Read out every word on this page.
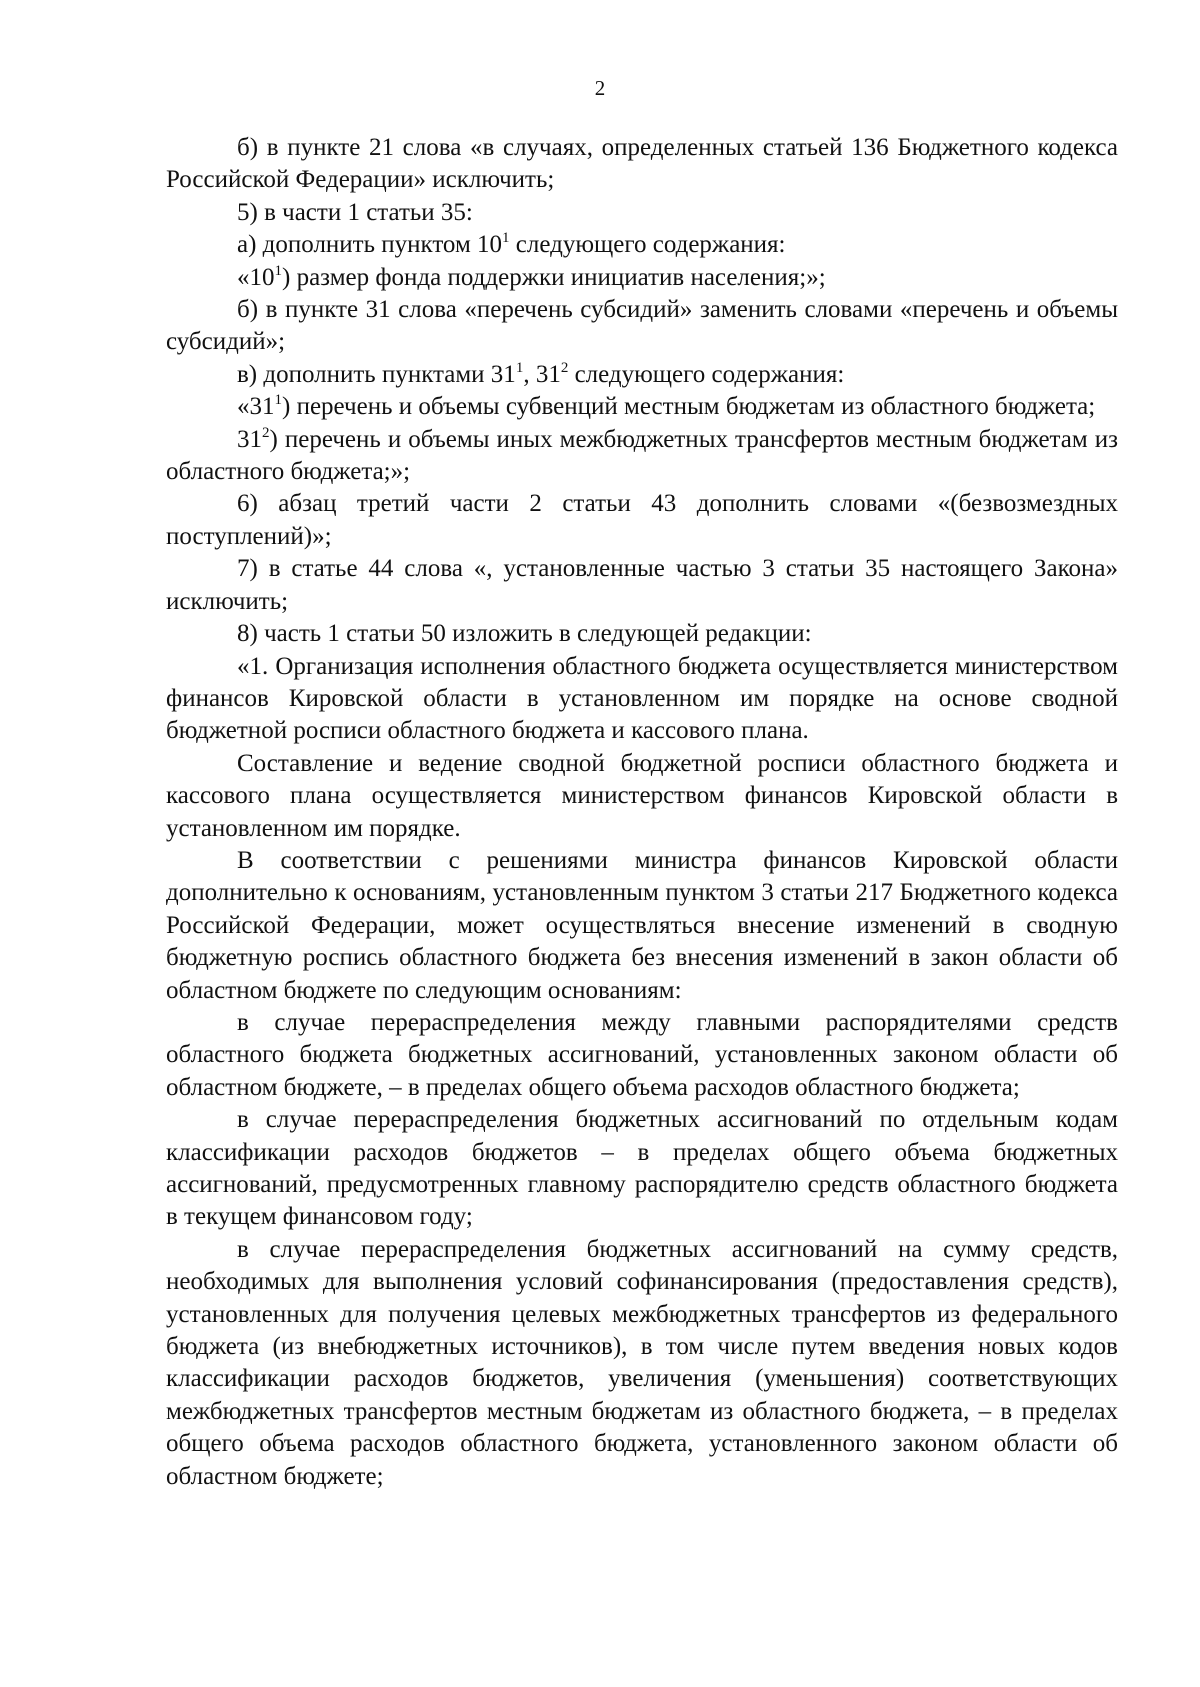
2

б) в пункте 21 слова «в случаях, определенных статьей 136 Бюджетного кодекса Российской Федерации» исключить;

5) в части 1 статьи 35:

а) дополнить пунктом $10^1$ следующего содержания:

«$10^1$) размер фонда поддержки инициатив населения;»;

б) в пункте 31 слова «перечень субсидий» заменить словами «перечень и объемы субсидий»;

в) дополнить пунктами $31^1$, $31^2$ следующего содержания:

«$31^1$) перечень и объемы субвенций местным бюджетам из областного бюджета;

$31^2$) перечень и объемы иных межбюджетных трансфертов местным бюджетам из областного бюджета;»;

6) абзац третий части 2 статьи 43 дополнить словами «(безвозмездных поступлений)»;

7) в статье 44 слова «, установленные частью 3 статьи 35 настоящего Закона» исключить;

8) часть 1 статьи 50 изложить в следующей редакции:

«1. Организация исполнения областного бюджета осуществляется министерством финансов Кировской области в установленном им порядке на основе сводной бюджетной росписи областного бюджета и кассового плана.

Составление и ведение сводной бюджетной росписи областного бюджета и кассового плана осуществляется министерством финансов Кировской области в установленном им порядке.

В соответствии с решениями министра финансов Кировской области дополнительно к основаниям, установленным пунктом 3 статьи 217 Бюджетного кодекса Российской Федерации, может осуществляться внесение изменений в сводную бюджетную роспись областного бюджета без внесения изменений в закон области об областном бюджете по следующим основаниям:

в случае перераспределения между главными распорядителями средств областного бюджета бюджетных ассигнований, установленных законом области об областном бюджете, – в пределах общего объема расходов областного бюджета;

в случае перераспределения бюджетных ассигнований по отдельным кодам классификации расходов бюджетов – в пределах общего объема бюджетных ассигнований, предусмотренных главному распорядителю средств областного бюджета в текущем финансовом году;

в случае перераспределения бюджетных ассигнований на сумму средств, необходимых для выполнения условий софинансирования (предоставления средств), установленных для получения целевых межбюджетных трансфертов из федерального бюджета (из внебюджетных источников), в том числе путем введения новых кодов классификации расходов бюджетов, увеличения (уменьшения) соответствующих межбюджетных трансфертов местным бюджетам из областного бюджета, – в пределах общего объема расходов областного бюджета, установленного законом области об областном бюджете;
